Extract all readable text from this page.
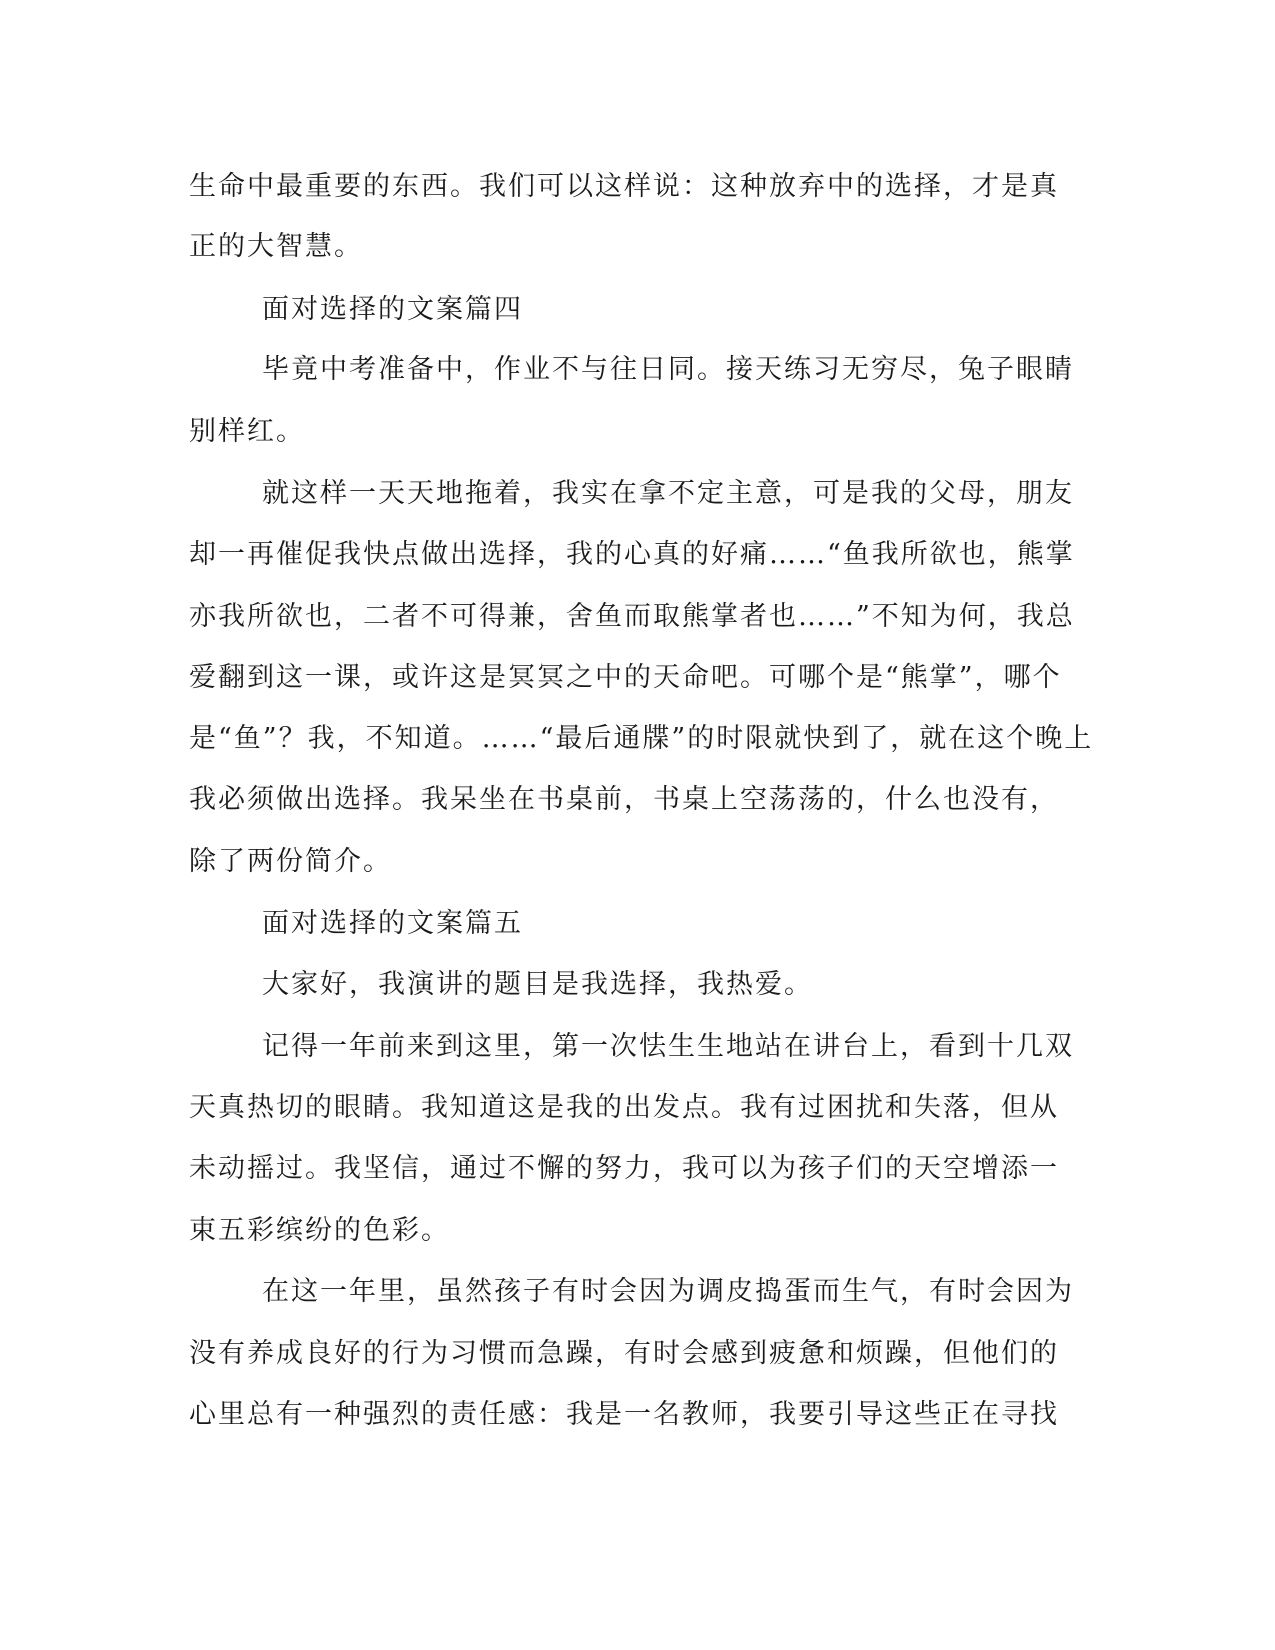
生命中最重要的东西。我们可以这样说：这种放弃中的选择，才是真
正的大智慧。
面对选择的文案篇四
毕竟中考准备中，作业不与往日同。接天练习无穷尽，兔子眼睛
别样红。
就这样一天天地拖着，我实在拿不定主意，可是我的父母，朋友
却一再催促我快点做出选择，我的心真的好痛……“鱼我所欲也，熊掌
亦我所欲也，二者不可得兼，舍鱼而取熊掌者也……”不知为何，我总
爱翻到这一课，或许这是冥冥之中的天命吧。可哪个是“熊掌”，哪个
是“鱼”？我，不知道。……“最后通牒”的时限就快到了，就在这个晚上
我必须做出选择。我呆坐在书桌前，书桌上空荡荡的，什么也没有，
除了两份简介。
面对选择的文案篇五
大家好，我演讲的题目是我选择，我热爱。
记得一年前来到这里，第一次怯生生地站在讲台上，看到十几双
天真热切的眼睛。我知道这是我的出发点。我有过困扰和失落，但从
未动摇过。我坚信，通过不懈的努力，我可以为孩子们的天空增添一
束五彩缤纷的色彩。
在这一年里，虽然孩子有时会因为调皮捣蛋而生气，有时会因为
没有养成良好的行为习惯而急躁，有时会感到疲惫和烦躁，但他们的
心里总有一种强烈的责任感：我是一名教师，我要引导这些正在寻找
